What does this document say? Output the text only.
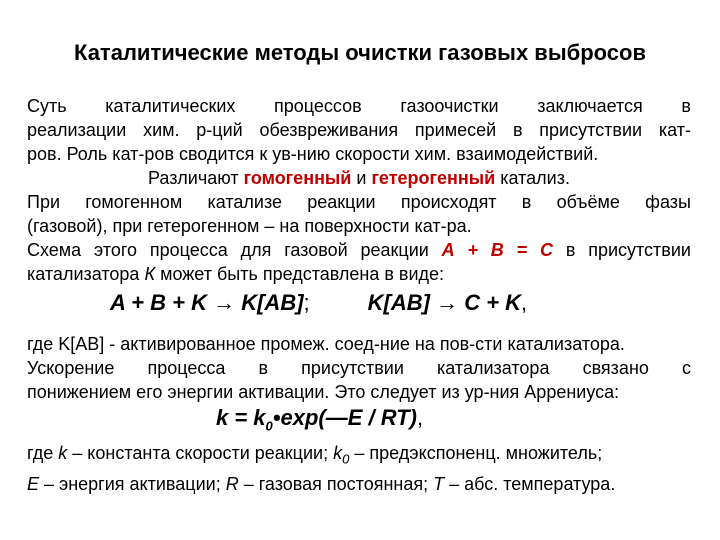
Каталитические методы очистки газовых выбросов
Суть каталитических процессов газоочистки заключается в
реализации хим. р-ций обезвреживания примесей в присутствии кат-
ров. Роль кат-ров сводится к ув-нию скорости хим. взаимодействий.
Различают гомогенный и гетерогенный катализ.
При гомогенном катализе реакции происходят в объёме фазы
(газовой), при гетерогенном – на поверхности кат-ра.
Схема этого процесса для газовой реакции А + В = С в присутствии
катализатора К может быть представлена в виде:
A + B + K → K[AB];	K[AB] → C + K,
где K[AB] - активированное промеж. соед-ние на пов-сти катализатора.
Ускорение процесса в присутствии катализатора связано с
понижением его энергии активации. Это следует из ур-ния Аррениуса:
$k = k_0•\exp(—E / RT)$,
где k – константа скорости реакции; $k_0$ – предэкспоненц. множитель;
E – энергия активации; R – газовая постоянная; T – абс. температура.
